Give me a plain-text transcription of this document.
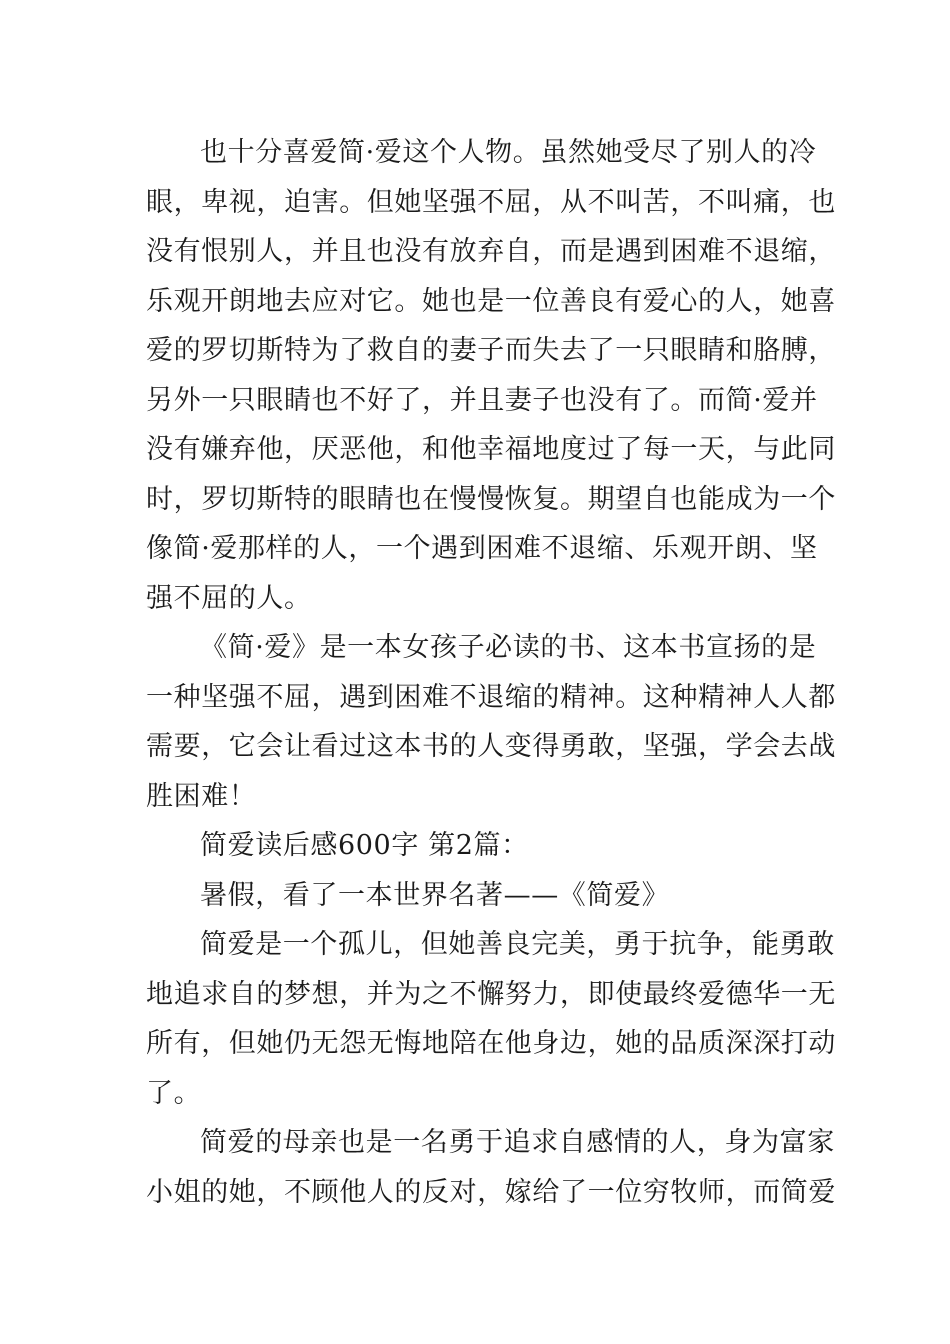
也十分喜爱简·爱这个人物。虽然她受尽了别人的冷
眼，卑视，迫害。但她坚强不屈，从不叫苦，不叫痛，也
没有恨别人，并且也没有放弃自，而是遇到困难不退缩，
乐观开朗地去应对它。她也是一位善良有爱心的人，她喜
爱的罗切斯特为了救自的妻子而失去了一只眼睛和胳膊，
另外一只眼睛也不好了，并且妻子也没有了。而简·爱并
没有嫌弃他，厌恶他，和他幸福地度过了每一天，与此同
时，罗切斯特的眼睛也在慢慢恢复。期望自也能成为一个
像简·爱那样的人，一个遇到困难不退缩、乐观开朗、坚
强不屈的人。
《简·爱》是一本女孩子必读的书、这本书宣扬的是
一种坚强不屈，遇到困难不退缩的精神。这种精神人人都
需要，它会让看过这本书的人变得勇敢，坚强，学会去战
胜困难！
简爱读后感600字 第2篇：
暑假，看了一本世界名著——《简爱》
简爱是一个孤儿，但她善良完美，勇于抗争，能勇敢
地追求自的梦想，并为之不懈努力，即使最终爱德华一无
所有，但她仍无怨无悔地陪在他身边，她的品质深深打动
了。
简爱的母亲也是一名勇于追求自感情的人，身为富家
小姐的她，不顾他人的反对，嫁给了一位穷牧师，而简爱
